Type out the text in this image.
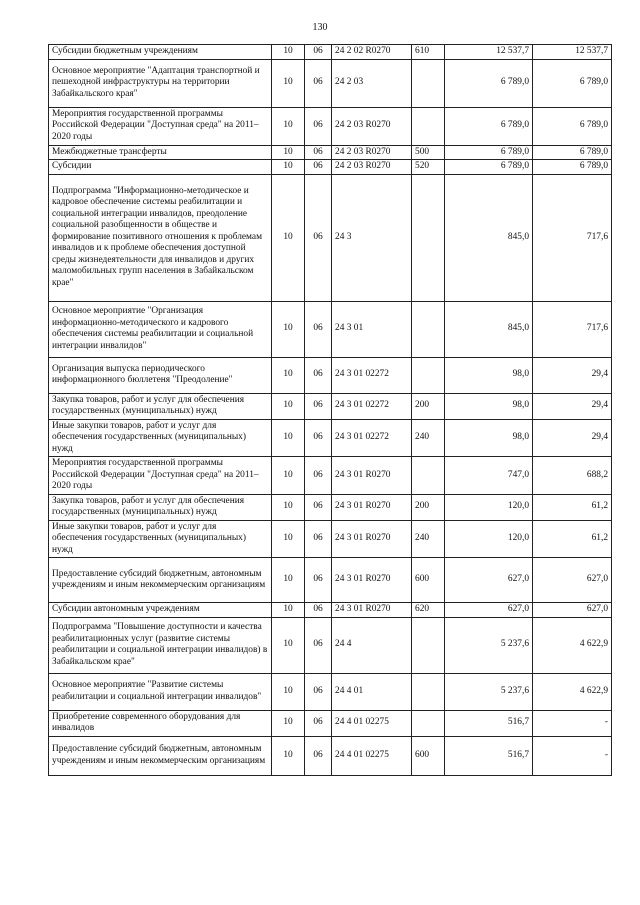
130
Субсидии бюджетным учреждениям	10	06	24 2 02 R0270	610	12 537,7	12 537,7
Основное мероприятие "Адаптация транспортной и пешеходной инфраструктуры на территории Забайкальского края"	10	06	24 2 03		6 789,0	6 789,0
Мероприятия государственной программы Российской Федерации "Доступная среда" на 2011–2020 годы	10	06	24 2 03 R0270		6 789,0	6 789,0
Межбюджетные трансферты	10	06	24 2 03 R0270	500	6 789,0	6 789,0
Субсидии	10	06	24 2 03 R0270	520	6 789,0	6 789,0
Подпрограмма "Информационно-методическое и кадровое обеспечение системы реабилитации и социальной интеграции инвалидов, преодоление социальной разобщенности в обществе и формирование позитивного отношения к проблемам инвалидов и к проблеме обеспечения доступной среды жизнедеятельности для инвалидов и других маломобильных групп населения в Забайкальском крае"	10	06	24 3		845,0	717,6
Основное мероприятие "Организация информационно-методического и кадрового обеспечения системы реабилитации и социальной интеграции инвалидов"	10	06	24 3 01		845,0	717,6
Организация выпуска периодического информационного бюллетеня "Преодоление"	10	06	24 3 01 02272		98,0	29,4
Закупка товаров, работ и услуг для обеспечения государственных (муниципальных) нужд	10	06	24 3 01 02272	200	98,0	29,4
Иные закупки товаров, работ и услуг для обеспечения государственных (муниципальных) нужд	10	06	24 3 01 02272	240	98,0	29,4
Мероприятия государственной программы Российской Федерации "Доступная среда" на 2011–2020 годы	10	06	24 3 01 R0270		747,0	688,2
Закупка товаров, работ и услуг для обеспечения государственных (муниципальных) нужд	10	06	24 3 01 R0270	200	120,0	61,2
Иные закупки товаров, работ и услуг для обеспечения государственных (муниципальных) нужд	10	06	24 3 01 R0270	240	120,0	61,2
Предоставление субсидий бюджетным, автономным учреждениям и иным некоммерческим организациям	10	06	24 3 01 R0270	600	627,0	627,0
Субсидии автономным учреждениям	10	06	24 3 01 R0270	620	627,0	627,0
Подпрограмма "Повышение доступности и качества реабилитационных услуг (развитие системы реабилитации и социальной интеграции инвалидов) в Забайкальском крае"	10	06	24 4		5 237,6	4 622,9
Основное мероприятие "Развитие системы реабилитации и социальной интеграции инвалидов"	10	06	24 4 01		5 237,6	4 622,9
Приобретение современного оборудования для инвалидов	10	06	24 4 01 02275		516,7	-
Предоставление субсидий бюджетным, автономным учреждениям и иным некоммерческим организациям	10	06	24 4 01 02275	600	516,7	-
